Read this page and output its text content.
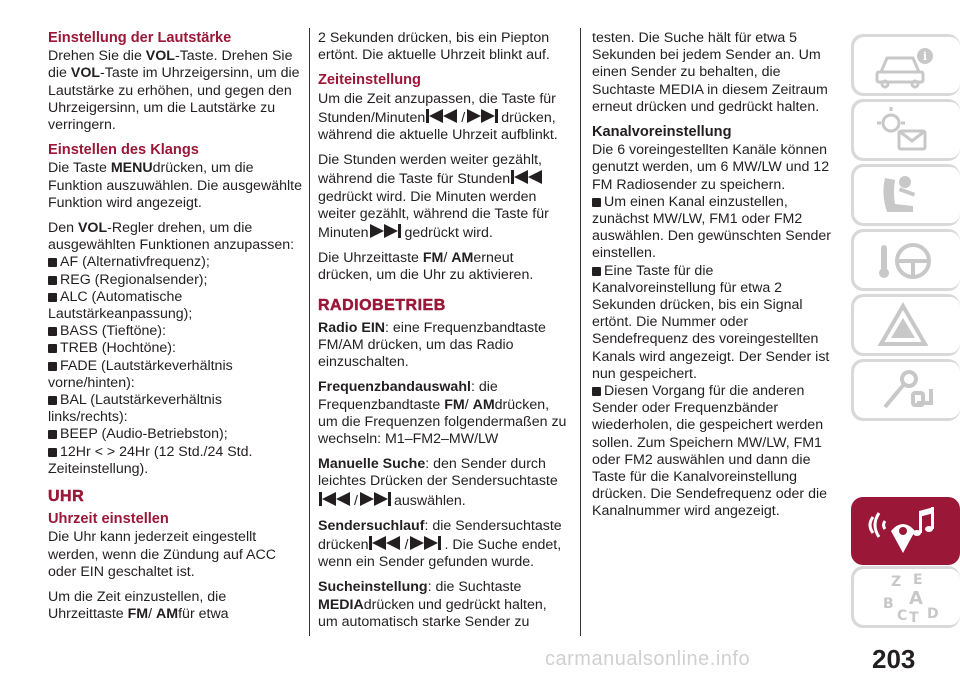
Einstellung der Lautstärke

Drehen Sie die VOL-Taste. Drehen Sie die VOL-Taste im Uhrzeigersinn, um die Lautstärke zu erhöhen, und gegen den Uhrzeigersinn, um die Lautstärke zu verringern.

Einstellen des Klangs

Die Taste MENUdrücken, um die Funktion auszuwählen. Die ausgewählte Funktion wird angezeigt.

Den VOL-Regler drehen, um die ausgewählten Funktionen anzupassen:

AF (Alternativfrequenz);
REG (Regionalsender);
ALC (Automatische Lautstärkeanpassung);
BASS (Tieftöne):
TREB (Hochtöne):
FADE (Lautstärkeverhältnis vorne/hinten):
BAL (Lautstärkeverhältnis links/rechts):
BEEP (Audio-Betriebston);
12Hr < > 24Hr (12 Std./24 Std. Zeiteinstellung).
UHR
Uhrzeit einstellen

Die Uhr kann jederzeit eingestellt werden, wenn die Zündung auf ACC oder EIN geschaltet ist.

Um die Zeit einzustellen, die Uhrzeittaste FM/ AMfür etwa

2 Sekunden drücken, bis ein Piepton ertönt. Die aktuelle Uhrzeit blinkt auf.

Zeiteinstellung

Um die Zeit anzupassen, die Taste für Stunden/Minuten	/	drücken, während die aktuelle Uhrzeit aufblinkt.

Die Stunden werden weiter gezählt, während die Taste für Stundengedrückt wird. Die Minuten werden weiter gezählt, während die Taste für Minuten	gedrückt wird.

Die Uhrzeittaste FM/ AMerneut drücken, um die Uhr zu aktivieren.

RADIOBETRIEB

Radio EIN: eine Frequenzbandtaste FM/AM drücken, um das Radio einzuschalten.

Frequenzbandauswahl: die Frequenzbandtaste FM/ AMdrücken, um die Frequenzen folgendermaßen zu wechseln: M1–FM2–MW/LW

Manuelle Suche: den Sender durch leichtes Drücken der Sendersuchtaste
/	auswählen.

Sendersuchlauf: die Sendersuchtaste drücken	/	. Die Suche endet, wenn ein Sender gefunden wurde.

Sucheinstellung: die Suchtaste MEDIAdrücken und gedrückt halten, um automatisch starke Sender zu

testen. Die Suche hält für etwa 5 Sekunden bei jedem Sender an. Um einen Sender zu behalten, die Suchtaste MEDIA in diesem Zeitraum erneut drücken und gedrückt halten.

Kanalvoreinstellung

Die 6 voreingestellten Kanäle können genutzt werden, um 6 MW/LW und 12 FM Radiosender zu speichern.

Um einen Kanal einzustellen, zunächst MW/LW, FM1 oder FM2 auswählen. Den gewünschten Sender einstellen.
Eine Taste für die Kanalvoreinstellung für etwa 2 Sekunden drücken, bis ein Signal ertönt. Die Nummer oder Sendefrequenz des voreingestellten Kanals wird angezeigt. Der Sender ist nun gespeichert.
Diesen Vorgang für die anderen Sender oder Frequenzbänder wiederholen, die gespeichert werden sollen. Zum Speichern MW/LW, FM1 oder FM2 auswählen und dann die Taste für die Kanalvoreinstellung drücken. Die Sendefrequenz oder die Kanalnummer wird angezeigt.
i
Z E
A
B
C T D
203
carmanualsonline.info
